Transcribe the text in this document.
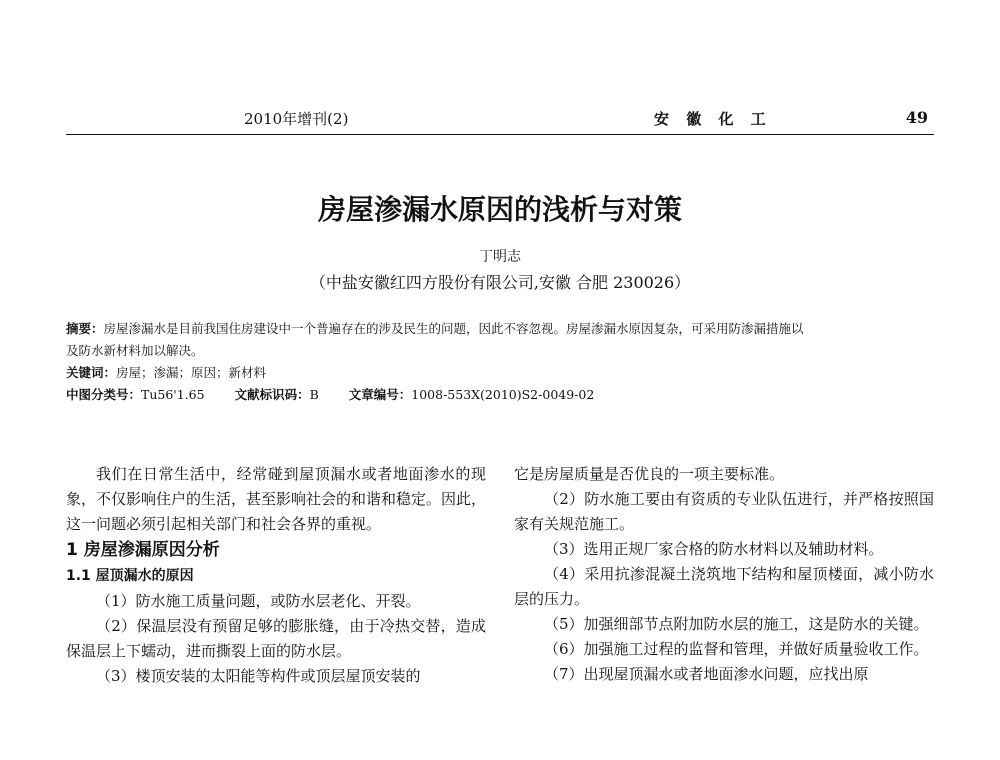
2010年增刊(2)	安 徽 化 工	49
房屋渗漏水原因的浅析与对策
丁明志
（中盐安徽红四方股份有限公司,安徽 合肥 230026）

摘要：房屋渗漏水是目前我国住房建设中一个普遍存在的涉及民生的问题，因此不容忽视。房屋渗漏水原因复杂，可采用防渗漏措施以

及防水新材料加以解决。

关键词：房屋；渗漏；原因；新材料

中图分类号：Tu56'1.65 文献标识码：B 文章编号：1008-553X(2010)S2-0049-02

我们在日常生活中，经常碰到屋顶漏水或者地面渗水的现象，不仅影响住户的生活，甚至影响社会的和谐和稳定。因此，这一问题必须引起相关部门和社会各界的重视。

1 房屋渗漏原因分析

1.1 屋顶漏水的原因

（1）防水施工质量问题，或防水层老化、开裂。

（2）保温层没有预留足够的膨胀缝，由于冷热交替，造成保温层上下蠕动，进而撕裂上面的防水层。

（3）楼顶安装的太阳能等构件或顶层屋顶安装的

它是房屋质量是否优良的一项主要标准。

（2）防水施工要由有资质的专业队伍进行，并严格按照国家有关规范施工。

（3）选用正规厂家合格的防水材料以及辅助材料。

（4）采用抗渗混凝土浇筑地下结构和屋顶楼面，减小防水层的压力。

（5）加强细部节点附加防水层的施工，这是防水的关键。

（6）加强施工过程的监督和管理，并做好质量验收工作。

（7）出现屋顶漏水或者地面渗水问题，应找出原
